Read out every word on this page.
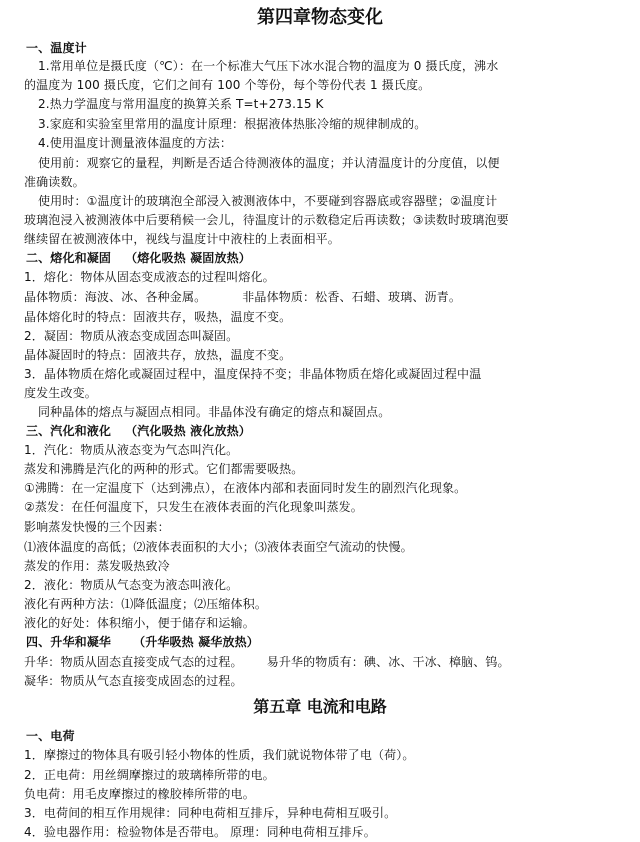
第四章物态变化
一、温度计
1.常用单位是摄氏度（℃）：在一个标准大气压下冰水混合物的温度为 0 摄氏度，沸水
的温度为 100 摄氏度，它们之间有 100 个等份，每个等份代表 1 摄氏度。
2.热力学温度与常用温度的换算关系 T=t+273.15 K
3.家庭和实验室里常用的温度计原理：根据液体热胀冷缩的规律制成的。
4.使用温度计测量液体温度的方法：
使用前：观察它的量程，判断是否适合待测液体的温度；并认清温度计的分度值，以便
准确读数。
使用时：①温度计的玻璃泡全部浸入被测液体中，不要碰到容器底或容器壁；②温度计
玻璃泡浸入被测液体中后要稍候一会儿，待温度计的示数稳定后再读数；③读数时玻璃泡要
继续留在被测液体中，视线与温度计中液柱的上表面相平。
二、熔化和凝固 （熔化吸热 凝固放热）
1．熔化：物体从固态变成液态的过程叫熔化。
晶体物质：海波、冰、各种金属。	非晶体物质：松香、石蜡、玻璃、沥青。
晶体熔化时的特点：固液共存，吸热，温度不变。
2．凝固：物质从液态变成固态叫凝固。
晶体凝固时的特点：固液共存，放热，温度不变。
3．晶体物质在熔化或凝固过程中，温度保持不变；非晶体物质在熔化或凝固过程中温
度发生改变。
同种晶体的熔点与凝固点相同。非晶体没有确定的熔点和凝固点。
三、汽化和液化 （汽化吸热 液化放热）
1．汽化：物质从液态变为气态叫汽化。
蒸发和沸腾是汽化的两种的形式。它们都需要吸热。
①沸腾：在一定温度下（达到沸点），在液体内部和表面同时发生的剧烈汽化现象。
②蒸发：在任何温度下，只发生在液体表面的汽化现象叫蒸发。
影响蒸发快慢的三个因素：
⑴液体温度的高低；⑵液体表面积的大小；⑶液体表面空气流动的快慢。
蒸发的作用：蒸发吸热致冷
2．液化：物质从气态变为液态叫液化。
液化有两种方法：⑴降低温度；⑵压缩体积。
液化的好处：体积缩小，便于储存和运输。
四、升华和凝华 （升华吸热 凝华放热）
升华：物质从固态直接变成气态的过程。 易升华的物质有：碘、冰、干冰、樟脑、钨。
凝华：物质从气态直接变成固态的过程。
第五章 电流和电路
一、电荷
1．摩擦过的物体具有吸引轻小物体的性质，我们就说物体带了电（荷）。
2．正电荷：用丝绸摩擦过的玻璃棒所带的电。
负电荷：用毛皮摩擦过的橡胶棒所带的电。
3．电荷间的相互作用规律：同种电荷相互排斥，异种电荷相互吸引。
4．验电器作用：检验物体是否带电。 原理：同种电荷相互排斥。
